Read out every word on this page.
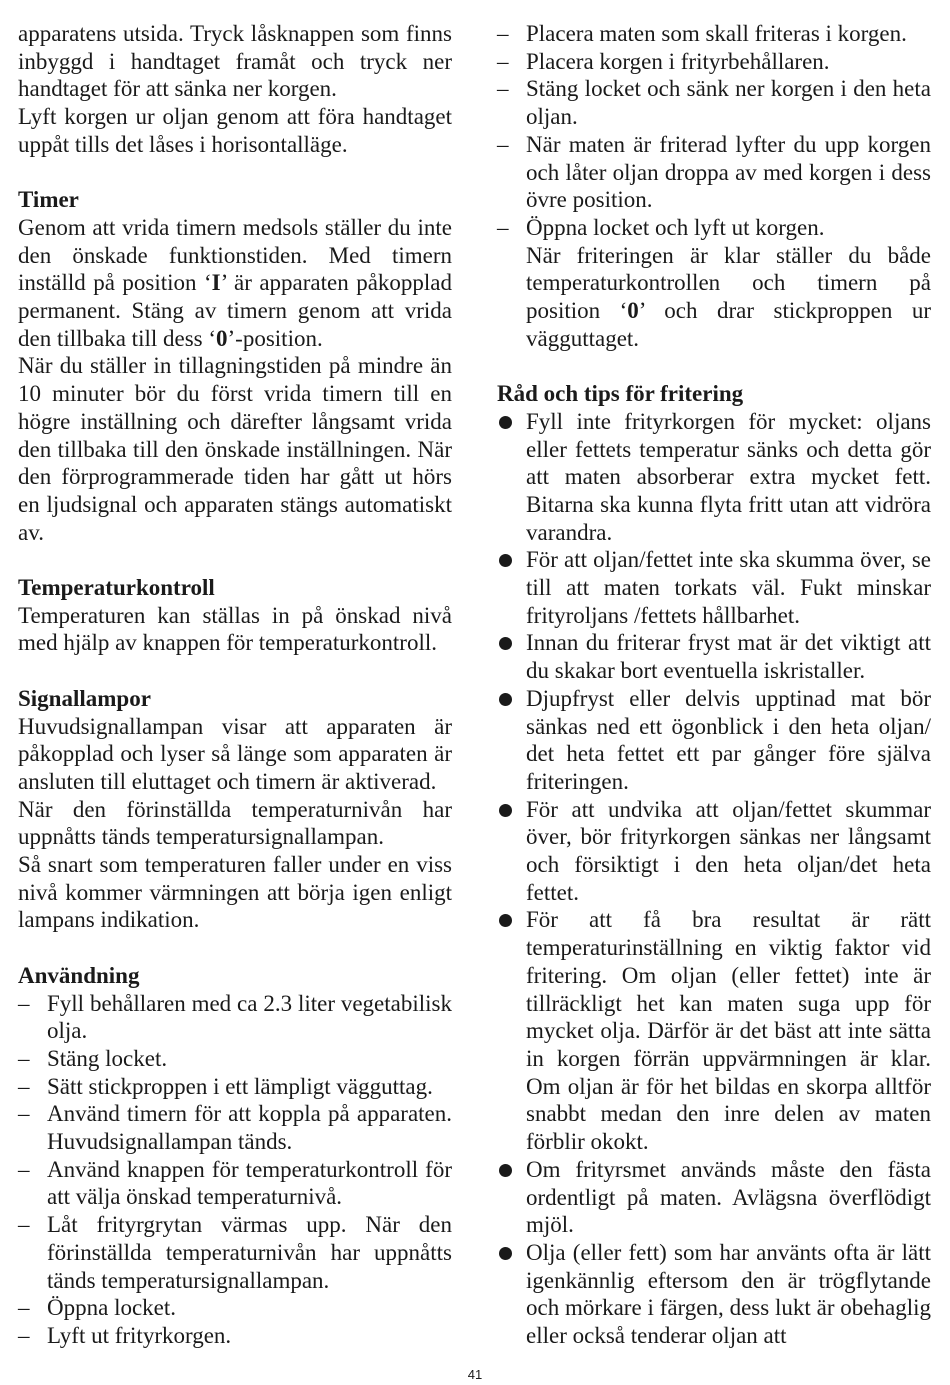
apparatens utsida. Tryck låsknappen som finns inbyggd i handtaget framåt och tryck ner handtaget för att sänka ner korgen.

Lyft korgen ur oljan genom att föra handtaget uppåt tills det låses i horisontalläge.

Timer

Genom att vrida timern medsols ställer du inte den önskade funktionstiden. Med timern inställd på position ‘I’ är apparaten påkopplad permanent. Stäng av timern genom att vrida den tillbaka till dess ‘0’-position.

När du ställer in tillagningstiden på mindre än 10 minuter bör du först vrida timern till en högre inställning och därefter långsamt vrida den tillbaka till den önskade inställningen. När den förprogrammerade tiden har gått ut hörs en ljudsignal och apparaten stängs automatiskt av.

Temperaturkontroll

Temperaturen kan ställas in på önskad nivå med hjälp av knappen för temperaturkontroll.

Signallampor

Huvudsignallampan visar att apparaten är påkopplad och lyser så länge som apparaten är ansluten till eluttaget och timern är aktiverad.

När den förinställda temperaturnivån har uppnåtts tänds temperatursignallampan.

Så snart som temperaturen faller under en viss nivå kommer värmningen att börja igen enligt lampans indikation.

Användning
– Fyll behållaren med ca 2.3 liter vegetabilisk olja.
– Stäng locket.
– Sätt stickproppen i ett lämpligt vägguttag.
– Använd timern för att koppla på apparaten. Huvudsignallampan tänds.
– Använd knappen för temperaturkontroll för att välja önskad temperaturnivå.
– Låt frityrgrytan värmas upp. När den förinställda temperaturnivån har uppnåtts tänds temperatursignallampan.
– Öppna locket.
– Lyft ut frityrkorgen.
– Placera maten som skall friteras i korgen.
– Placera korgen i frityrbehållaren.
– Stäng locket och sänk ner korgen i den heta oljan.
– När maten är friterad lyfter du upp korgen och låter oljan droppa av med korgen i dess övre position.
– Öppna locket och lyft ut korgen.

När friteringen är klar ställer du både temperaturkontrollen och timern på position ‘0’ och drar stickproppen ur vägguttaget.

Råd och tips för fritering
Fyll inte frityrkorgen för mycket: oljans eller fettets temperatur sänks och detta gör att maten absorberar extra mycket fett. Bitarna ska kunna flyta fritt utan att vidröra varandra.
För att oljan/fettet inte ska skumma över, se till att maten torkats väl. Fukt minskar frityroljans /fettets hållbarhet.
Innan du friterar fryst mat är det viktigt att du skakar bort eventuella iskristaller.
Djupfryst eller delvis upptinad mat bör sänkas ned ett ögonblick i den heta oljan/ det heta fettet ett par gånger före själva friteringen.
För att undvika att oljan/fettet skummar över, bör frityrkorgen sänkas ner långsamt och försiktigt i den heta oljan/det heta fettet.
För att få bra resultat är rätt temperaturinställning en viktig faktor vid fritering. Om oljan (eller fettet) inte är tillräckligt het kan maten suga upp för mycket olja. Därför är det bäst att inte sätta in korgen förrän uppvärmningen är klar. Om oljan är för het bildas en skorpa alltför snabbt medan den inre delen av maten förblir okokt.
Om frityrsmet används måste den fästa ordentligt på maten. Avlägsna överflödigt mjöl.
Olja (eller fett) som har använts ofta är lätt igenkännlig eftersom den är trögflytande och mörkare i färgen, dess lukt är obehaglig eller också tenderar oljan att
41
